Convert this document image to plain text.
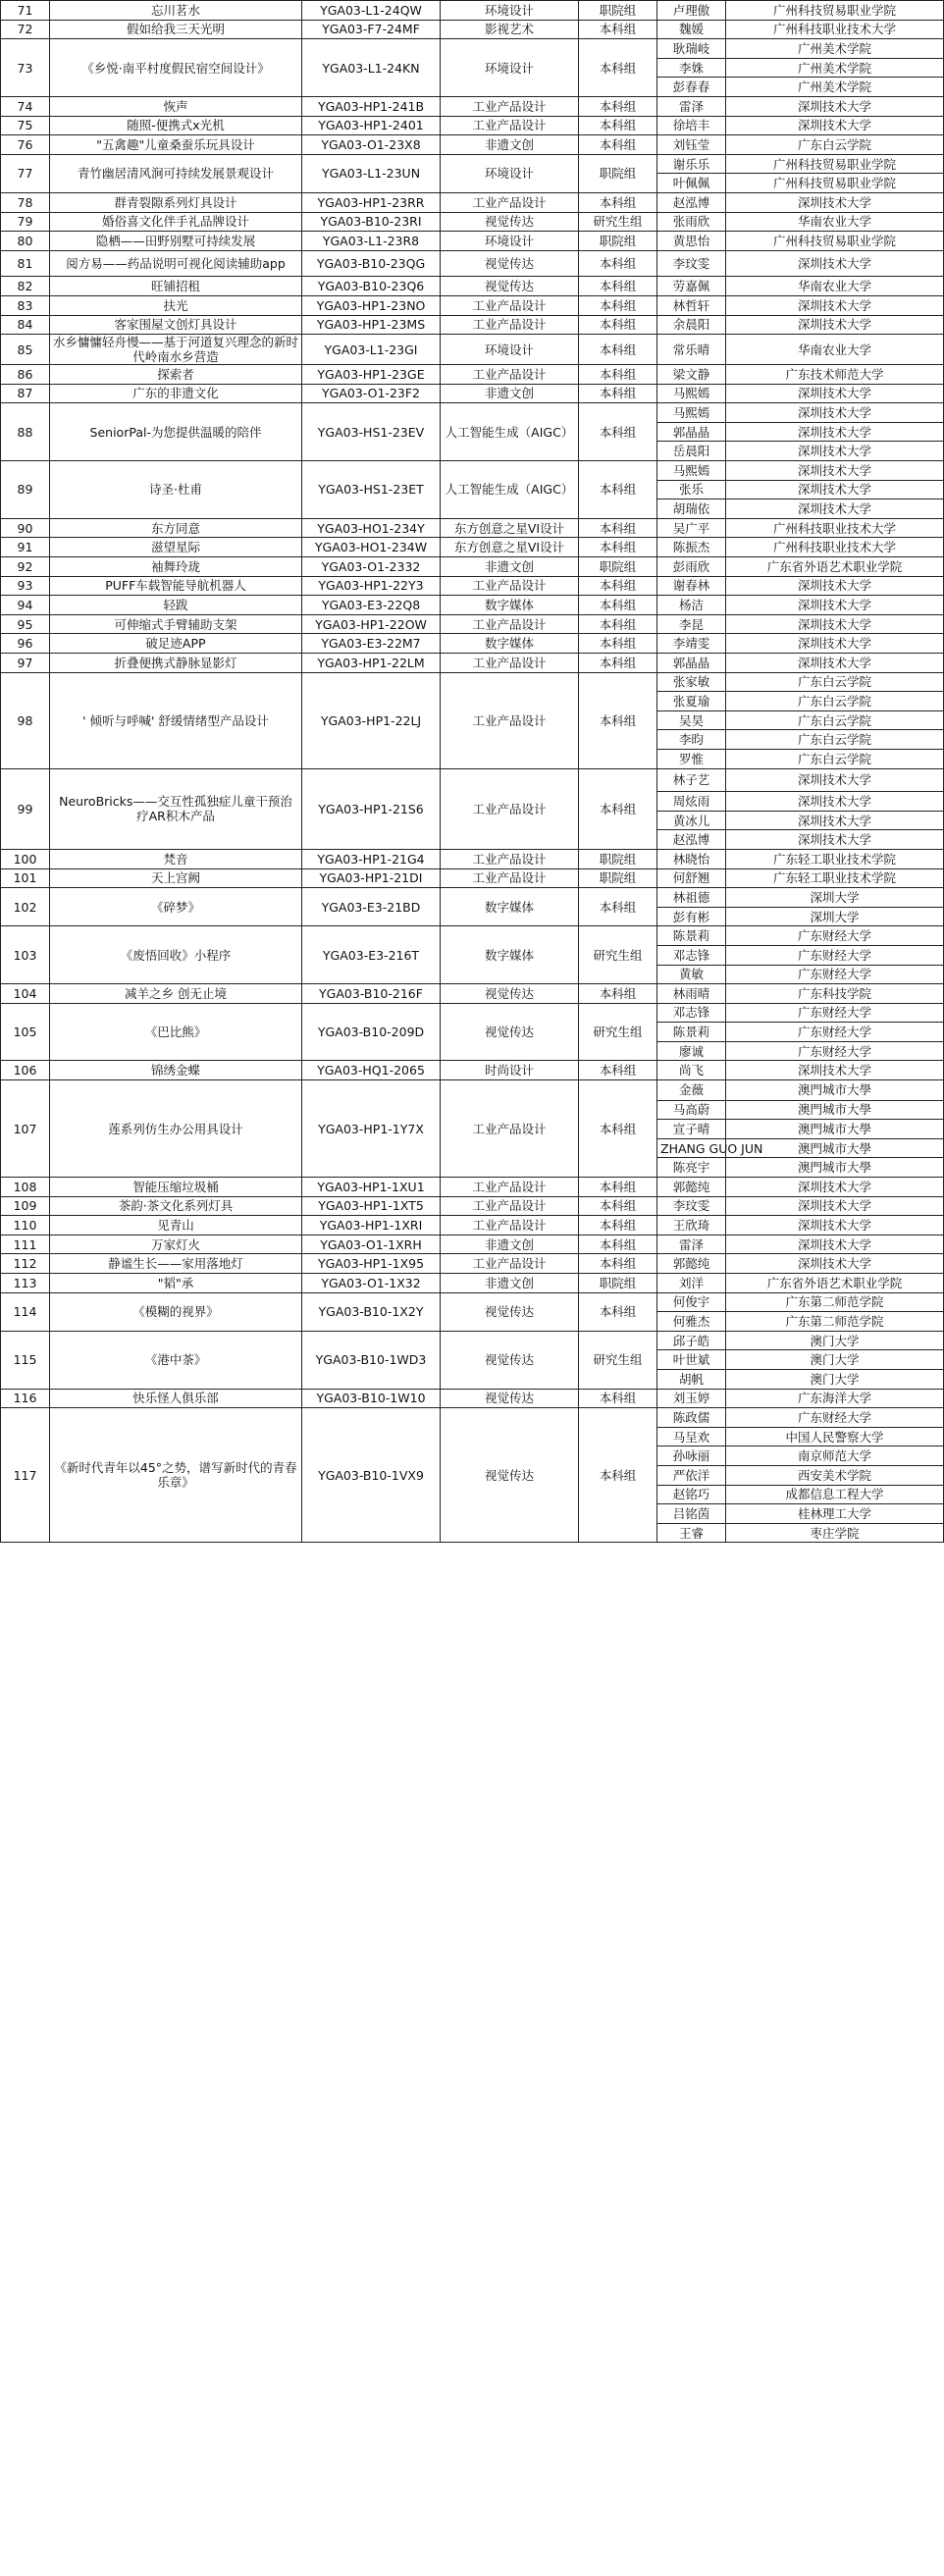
71	忘川茗水	YGA03-L1-24QW	环境设计	职院组	卢理傲	广州科技贸易职业学院
72	假如给我三天光明	YGA03-F7-24MF	影视艺术	本科组	魏媛	广州科技职业技术大学
73	《乡悦·南平村度假民宿空间设计》	YGA03-L1-24KN	环境设计	本科组	耿瑞岐	广州美术学院
					李姝	广州美术学院
					彭春春	广州美术学院
74	恢声	YGA03-HP1-241B	工业产品设计	本科组	雷泽	深圳技术大学
75	随照-便携式x光机	YGA03-HP1-2401	工业产品设计	本科组	徐培丰	深圳技术大学
76	"五禽趣"儿童桑蚕乐玩具设计	YGA03-O1-23X8	非遗文创	本科组	刘钰莹	广东白云学院
77	青竹幽居清风涧可持续发展景观设计	YGA03-L1-23UN	环境设计	职院组	谢乐乐	广州科技贸易职业学院
					叶佩佩	广州科技贸易职业学院
78	群青裂隙系列灯具设计	YGA03-HP1-23RR	工业产品设计	本科组	赵泓博	深圳技术大学
79	婚俗喜文化伴手礼品牌设计	YGA03-B10-23RI	视觉传达	研究生组	张雨欣	华南农业大学
80	隐栖——田野别墅可持续发展	YGA03-L1-23R8	环境设计	职院组	黄思怡	广州科技贸易职业学院
81	阅方易——药品说明可视化阅读辅助app	YGA03-B10-23QG	视觉传达	本科组	李玟雯	深圳技术大学
82	旺铺招租	YGA03-B10-23Q6	视觉传达	本科组	劳嘉佩	华南农业大学
83	扶光	YGA03-HP1-23NO	工业产品设计	本科组	林哲轩	深圳技术大学
84	客家围屋文创灯具设计	YGA03-HP1-23MS	工业产品设计	本科组	余晨阳	深圳技术大学
85	水乡慵慵轻舟慢——基于河道复兴理念的新时代岭南水乡营造	YGA03-L1-23GI	环境设计	本科组	常乐晴	华南农业大学
86	探索者	YGA03-HP1-23GE	工业产品设计	本科组	梁文静	广东技术师范大学
87	广东的非遗文化	YGA03-O1-23F2	非遗文创	本科组	马熙嫣	深圳技术大学
88	SeniorPal-为您提供温暖的陪伴	YGA03-HS1-23EV	人工智能生成（AIGC）	本科组	马熙嫣	深圳技术大学
					郭晶晶	深圳技术大学
					岳晨阳	深圳技术大学
89	诗圣·杜甫	YGA03-HS1-23ET	人工智能生成（AIGC）	本科组	马熙嫣	深圳技术大学
					张乐	深圳技术大学
					胡瑞依	深圳技术大学
90	东方同意	YGA03-HO1-234Y	东方创意之星VI设计	本科组	吴广平	广州科技职业技术大学
91	滋望星际	YGA03-HO1-234W	东方创意之星VI设计	本科组	陈振杰	广州科技职业技术大学
92	袖舞玲珑	YGA03-O1-2332	非遗文创	职院组	彭雨欣	广东省外语艺术职业学院
93	PUFF车载智能导航机器人	YGA03-HP1-22Y3	工业产品设计	本科组	谢春林	深圳技术大学
94	轻跋	YGA03-E3-22Q8	数字媒体	本科组	杨洁	深圳技术大学
95	可伸缩式手臂辅助支架	YGA03-HP1-22OW	工业产品设计	本科组	李昆	深圳技术大学
96	破足迹APP	YGA03-E3-22M7	数字媒体	本科组	李靖雯	深圳技术大学
97	折叠便携式静脉显影灯	YGA03-HP1-22LM	工业产品设计	本科组	郭晶晶	深圳技术大学
98	' 倾听与呼喊' 舒缓情绪型产品设计	YGA03-HP1-22LJ	工业产品设计	本科组	张家敏	广东白云学院
					张夏瑜	广东白云学院
					吴昊	广东白云学院
					李昀	广东白云学院
					罗惟	广东白云学院
99	NeuroBricks——交互性孤独症儿童干预治疗AR积木产品	YGA03-HP1-21S6	工业产品设计	本科组	林子艺	深圳技术大学
					周炫雨	深圳技术大学
					黄冰儿	深圳技术大学
					赵泓博	深圳技术大学
100	梵音	YGA03-HP1-21G4	工业产品设计	职院组	林晓怡	广东轻工职业技术学院
101	天上宫阙	YGA03-HP1-21DI	工业产品设计	职院组	何舒翘	广东轻工职业技术学院
102	《碎梦》	YGA03-E3-21BD	数字媒体	本科组	林祖德	深圳大学
					彭有彬	深圳大学
103	《废悟回收》小程序	YGA03-E3-216T	数字媒体	研究生组	陈景莉	广东财经大学
					邓志锋	广东财经大学
					黄敏	广东财经大学
104	减羊之乡 创无止境	YGA03-B10-216F	视觉传达	本科组	林雨晴	广东科技学院
105	《巴比熊》	YGA03-B10-209D	视觉传达	研究生组	邓志锋	广东财经大学
					陈景莉	广东财经大学
					廖诚	广东财经大学
106	锦绣金蝶	YGA03-HQ1-2065	时尚设计	本科组	尚飞	深圳技术大学
107	莲系列仿生办公用具设计	YGA03-HP1-1Y7X	工业产品设计	本科组	金薇	澳門城市大學
					马高蔚	澳門城市大學
					宣子晴	澳門城市大學
					ZHANG GUO JUN	澳門城市大學
					陈亮宇	澳門城市大學
108	智能压缩垃圾桶	YGA03-HP1-1XU1	工业产品设计	本科组	郭懿纯	深圳技术大学
109	茶韵·茶文化系列灯具	YGA03-HP1-1XT5	工业产品设计	本科组	李玟雯	深圳技术大学
110	见青山	YGA03-HP1-1XRI	工业产品设计	本科组	王欣琦	深圳技术大学
111	万家灯火	YGA03-O1-1XRH	非遗文创	本科组	雷泽	深圳技术大学
112	静谧生长——家用落地灯	YGA03-HP1-1X95	工业产品设计	本科组	郭懿纯	深圳技术大学
113	"韬"承	YGA03-O1-1X32	非遗文创	职院组	刘洋	广东省外语艺术职业学院
114	《模糊的视界》	YGA03-B10-1X2Y	视觉传达	本科组	何俊宇	广东第二师范学院
					何雅杰	广东第二师范学院
115	《港中茶》	YGA03-B10-1WD3	视觉传达	研究生组	邱子皓	澳门大学
					叶世斌	澳门大学
					胡帆	澳门大学
116	快乐怪人俱乐部	YGA03-B10-1W10	视觉传达	本科组	刘玉婷	广东海洋大学
117	《新时代青年以45°之势，谱写新时代的青春乐章》	YGA03-B10-1VX9	视觉传达	本科组	陈政儒	广东财经大学
					马呈欢	中国人民警察大学
					孙咏丽	南京师范大学
					严依洋	西安美术学院
					赵铭巧	成都信息工程大学
					吕铭茵	桂林理工大学
					王睿	枣庄学院
